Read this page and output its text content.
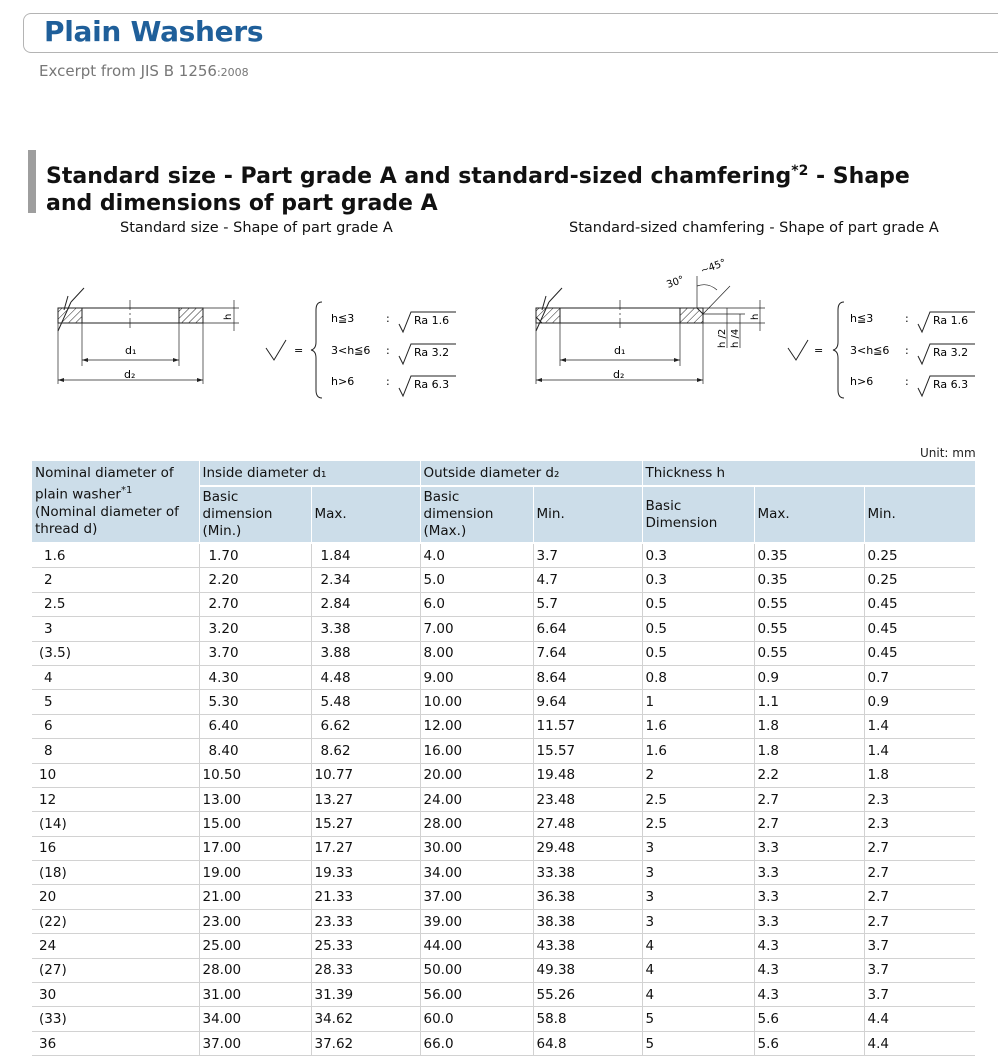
Plain Washers
Excerpt from JIS B 1256:2008
Standard size - Part grade A and standard-sized chamfering$^{*2}$ - Shape and dimensions of part grade A
Standard size - Shape of part grade A	Standard-sized chamfering - Shape of part grade A
d₁
d₂
h
=
h≦3	: Ra 1.6
3<h≦6 : Ra 3.2
h>6	: Ra 6.3
30°
~45°
d₁
d₂
h
h /2 h /4
=
h≦3	: Ra 1.6
3<h≦6 : Ra 3.2
h>6	: Ra 6.3
Unit: mm
Nominal diameter of plain washer$^{*1}$ (Nominal diameter of thread d)	Inside diameter d₁		Outside diameter d₂		Thickness h		
	Basic dimension (Min.)	Max.	Basic dimension (Max.)	Min.	Basic Dimension	Max.	Min.
1.6	1.70	1.84	4.0	3.7	0.3	0.35	0.25
2	2.20	2.34	5.0	4.7	0.3	0.35	0.25
2.5	2.70	2.84	6.0	5.7	0.5	0.55	0.45
3	3.20	3.38	7.00	6.64	0.5	0.55	0.45
(3.5)	3.70	3.88	8.00	7.64	0.5	0.55	0.45
4	4.30	4.48	9.00	8.64	0.8	0.9	0.7
5	5.30	5.48	10.00	9.64	1	1.1	0.9
6	6.40	6.62	12.00	11.57	1.6	1.8	1.4
8	8.40	8.62	16.00	15.57	1.6	1.8	1.4
10	10.50	10.77	20.00	19.48	2	2.2	1.8
12	13.00	13.27	24.00	23.48	2.5	2.7	2.3
(14)	15.00	15.27	28.00	27.48	2.5	2.7	2.3
16	17.00	17.27	30.00	29.48	3	3.3	2.7
(18)	19.00	19.33	34.00	33.38	3	3.3	2.7
20	21.00	21.33	37.00	36.38	3	3.3	2.7
(22)	23.00	23.33	39.00	38.38	3	3.3	2.7
24	25.00	25.33	44.00	43.38	4	4.3	3.7
(27)	28.00	28.33	50.00	49.38	4	4.3	3.7
30	31.00	31.39	56.00	55.26	4	4.3	3.7
(33)	34.00	34.62	60.0	58.8	5	5.6	4.4
36	37.00	37.62	66.0	64.8	5	5.6	4.4
